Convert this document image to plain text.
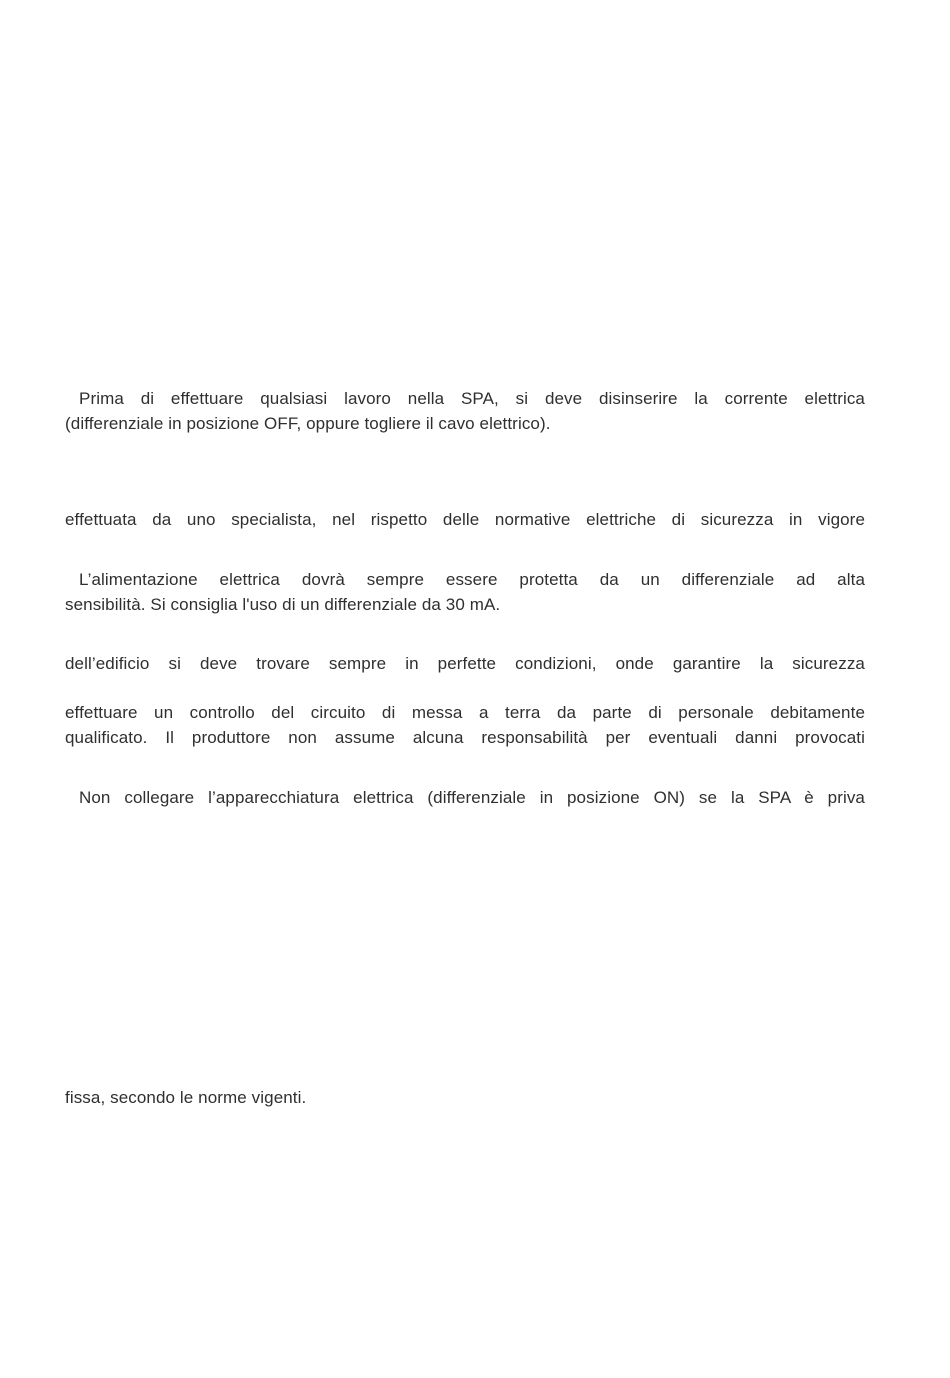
Prima di effettuare qualsiasi lavoro nella SPA, si deve disinserire la corrente elettrica
(differenziale in posizione OFF, oppure togliere il cavo elettrico).
effettuata da uno specialista, nel rispetto delle normative elettriche di sicurezza in vigore
L’alimentazione elettrica dovrà sempre essere protetta da un differenziale ad alta
sensibilità. Si consiglia l'uso di un differenziale da 30 mA.
dell’edificio si deve trovare sempre in perfette condizioni, onde garantire la sicurezza
effettuare un controllo del circuito di messa a terra da parte di personale debitamente
qualificato. Il produttore non assume alcuna responsabilità per eventuali danni provocati
Non collegare l’apparecchiatura elettrica (differenziale in posizione ON) se la SPA è priva
fissa, secondo le norme vigenti.
